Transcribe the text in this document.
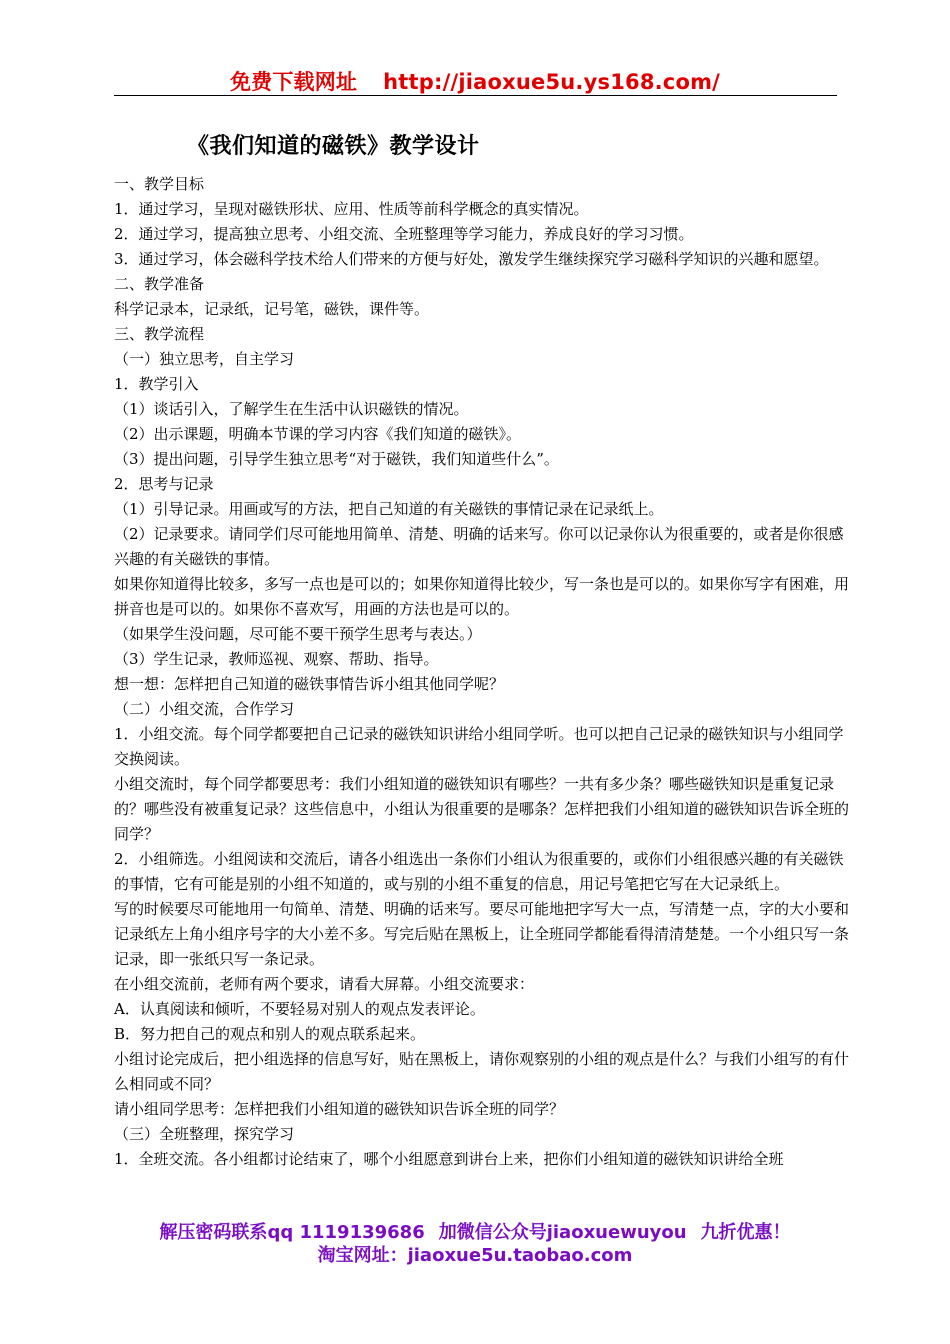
免费下载网址 http://jiaoxue5u.ys168.com/
《我们知道的磁铁》教学设计

一、教学目标

1．通过学习，呈现对磁铁形状、应用、性质等前科学概念的真实情况。

2．通过学习，提高独立思考、小组交流、全班整理等学习能力，养成良好的学习习惯。

3．通过学习，体会磁科学技术给人们带来的方便与好处，激发学生继续探究学习磁科学知识的兴趣和愿望。

二、教学准备

科学记录本，记录纸，记号笔，磁铁，课件等。

三、教学流程

（一）独立思考，自主学习

1．教学引入

（1）谈话引入，了解学生在生活中认识磁铁的情况。

（2）出示课题，明确本节课的学习内容《我们知道的磁铁》。

（3）提出问题，引导学生独立思考“对于磁铁，我们知道些什么”。

2．思考与记录

（1）引导记录。用画或写的方法，把自己知道的有关磁铁的事情记录在记录纸上。

（2）记录要求。请同学们尽可能地用简单、清楚、明确的话来写。你可以记录你认为很重要的，或者是你很感兴趣的有关磁铁的事情。

如果你知道得比较多，多写一点也是可以的；如果你知道得比较少，写一条也是可以的。如果你写字有困难，用拼音也是可以的。如果你不喜欢写，用画的方法也是可以的。

（如果学生没问题，尽可能不要干预学生思考与表达。）

（3）学生记录，教师巡视、观察、帮助、指导。

想一想：怎样把自己知道的磁铁事情告诉小组其他同学呢？

（二）小组交流，合作学习

1．小组交流。每个同学都要把自己记录的磁铁知识讲给小组同学听。也可以把自己记录的磁铁知识与小组同学交换阅读。

小组交流时，每个同学都要思考：我们小组知道的磁铁知识有哪些？一共有多少条？哪些磁铁知识是重复记录的？哪些没有被重复记录？这些信息中，小组认为很重要的是哪条？怎样把我们小组知道的磁铁知识告诉全班的同学？

2．小组筛选。小组阅读和交流后，请各小组选出一条你们小组认为很重要的，或你们小组很感兴趣的有关磁铁的事情，它有可能是别的小组不知道的，或与别的小组不重复的信息，用记号笔把它写在大记录纸上。

写的时候要尽可能地用一句简单、清楚、明确的话来写。要尽可能地把字写大一点，写清楚一点，字的大小要和记录纸左上角小组序号字的大小差不多。写完后贴在黑板上，让全班同学都能看得清清楚楚。一个小组只写一条记录，即一张纸只写一条记录。

在小组交流前，老师有两个要求，请看大屏幕。小组交流要求：

A．认真阅读和倾听，不要轻易对别人的观点发表评论。

B．努力把自己的观点和别人的观点联系起来。

小组讨论完成后，把小组选择的信息写好，贴在黑板上，请你观察别的小组的观点是什么？与我们小组写的有什么相同或不同？

请小组同学思考：怎样把我们小组知道的磁铁知识告诉全班的同学？

（三）全班整理，探究学习

1．全班交流。各小组都讨论结束了，哪个小组愿意到讲台上来，把你们小组知道的磁铁知识讲给全班

解压密码联系qq 1119139686 加微信公众号jiaoxuewuyou 九折优惠！
淘宝网址：jiaoxue5u.taobao.com
